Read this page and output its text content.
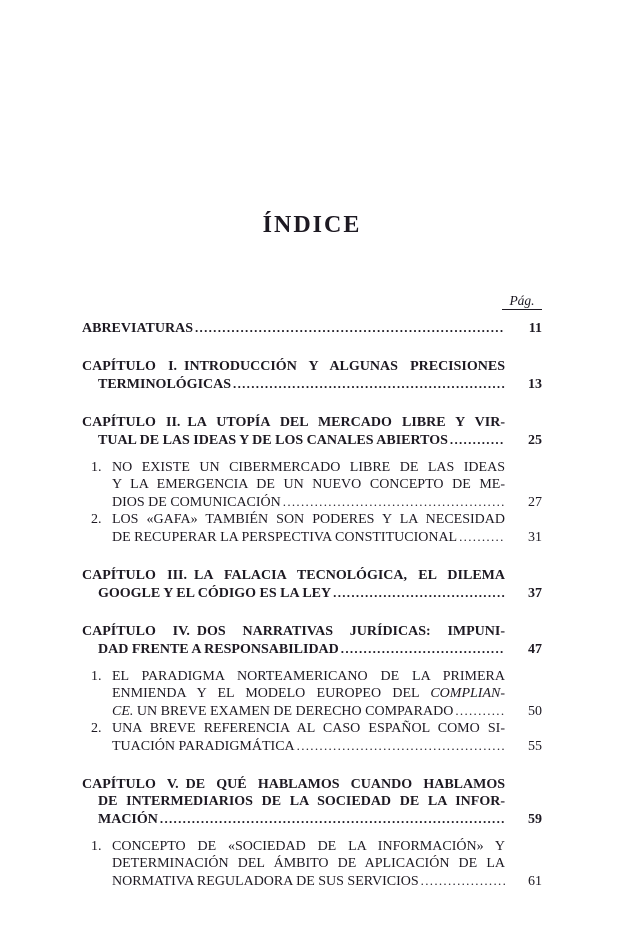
ÍNDICE
Pág.
ABREVIATURAS .....	11
CAPÍTULO I. INTRODUCCIÓN Y ALGUNAS PRECISIONES
TERMINOLÓGICAS .....	13
CAPÍTULO II. LA UTOPÍA DEL MERCADO LIBRE Y VIR-
TUAL DE LAS IDEAS Y DE LOS CANALES ABIERTOS .....	25
1. NO EXISTE UN CIBERMERCADO LIBRE DE LAS IDEAS
Y LA EMERGENCIA DE UN NUEVO CONCEPTO DE ME-
DIOS DE COMUNICACIÓN .....	27
2. LOS «GAFA» TAMBIÉN SON PODERES Y LA NECESIDAD
DE RECUPERAR LA PERSPECTIVA CONSTITUCIONAL .....	31
CAPÍTULO III. LA FALACIA TECNOLÓGICA, EL DILEMA
GOOGLE Y EL CÓDIGO ES LA LEY .....	37
CAPÍTULO IV. DOS NARRATIVAS JURÍDICAS: IMPUNI-
DAD FRENTE A RESPONSABILIDAD .....	47
1. EL PARADIGMA NORTEAMERICANO DE LA PRIMERA
ENMIENDA Y EL MODELO EUROPEO DEL COMPLIAN-
CE. UN BREVE EXAMEN DE DERECHO COMPARADO .....	50
2. UNA BREVE REFERENCIA AL CASO ESPAÑOL COMO SI-
TUACIÓN PARADIGMÁTICA .....	55
CAPÍTULO V. DE QUÉ HABLAMOS CUANDO HABLAMOS
DE INTERMEDIARIOS DE LA SOCIEDAD DE LA INFOR-
MACIÓN .....	59
1. CONCEPTO DE «SOCIEDAD DE LA INFORMACIÓN» Y
DETERMINACIÓN DEL ÁMBITO DE APLICACIÓN DE LA
NORMATIVA REGULADORA DE SUS SERVICIOS .....	61
